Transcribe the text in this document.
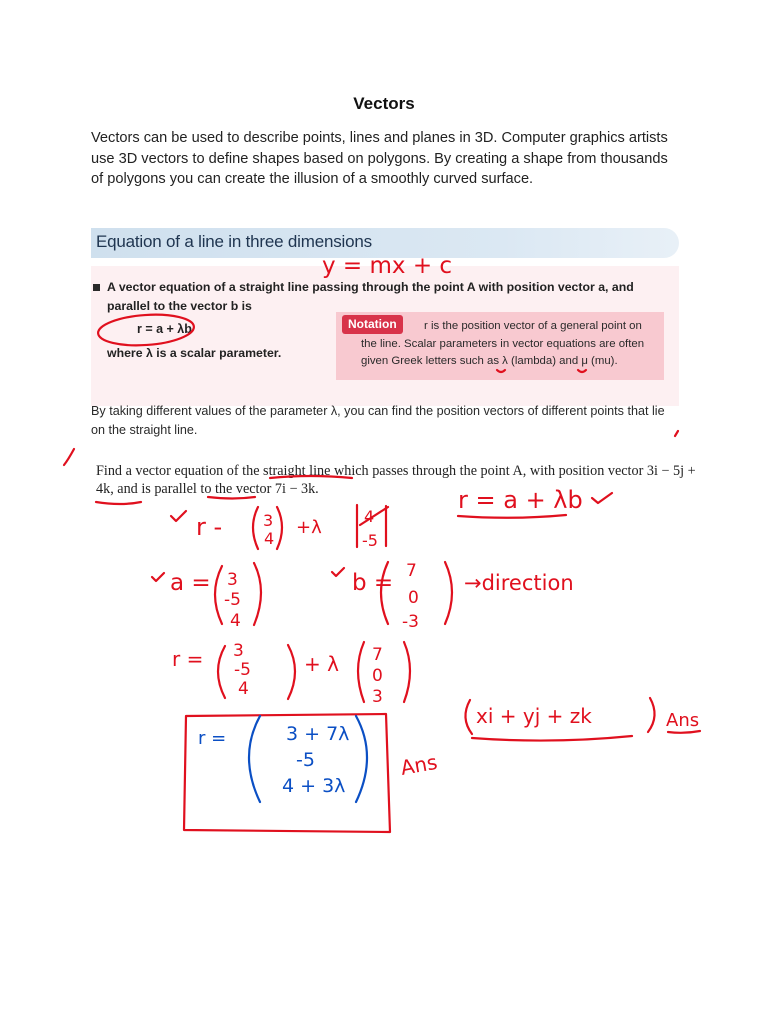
Vectors
Vectors can be used to describe points, lines and planes in 3D. Computer graphics artists use 3D vectors to define shapes based on polygons. By creating a shape from thousands of polygons you can create the illusion of a smoothly curved surface.
Equation of a line in three dimensions
A vector equation of a straight line passing through the point A with position vector a, and parallel to the vector b is
r = a + λb
where λ is a scalar parameter.
Notation	r is the position vector of a general point on the line. Scalar parameters in vector equations are often given Greek letters such as λ (lambda) and μ (mu).
By taking different values of the parameter λ, you can find the position vectors of different points that lie on the straight line.
Find a vector equation of the straight line which passes through the point A, with position vector 3i − 5j + 4k, and is parallel to the vector 7i − 3k.
y = mx + c
r = a + λb
r -	3
4
+λ
4
-5
a = 3
-5
4
b = 7
0
-3
→direction
r = 3
-5
4
+ λ 7
0
3
r =	3 + 7λ
-5
4 + 3λ
Ans
xi + yj + zk	Ans
